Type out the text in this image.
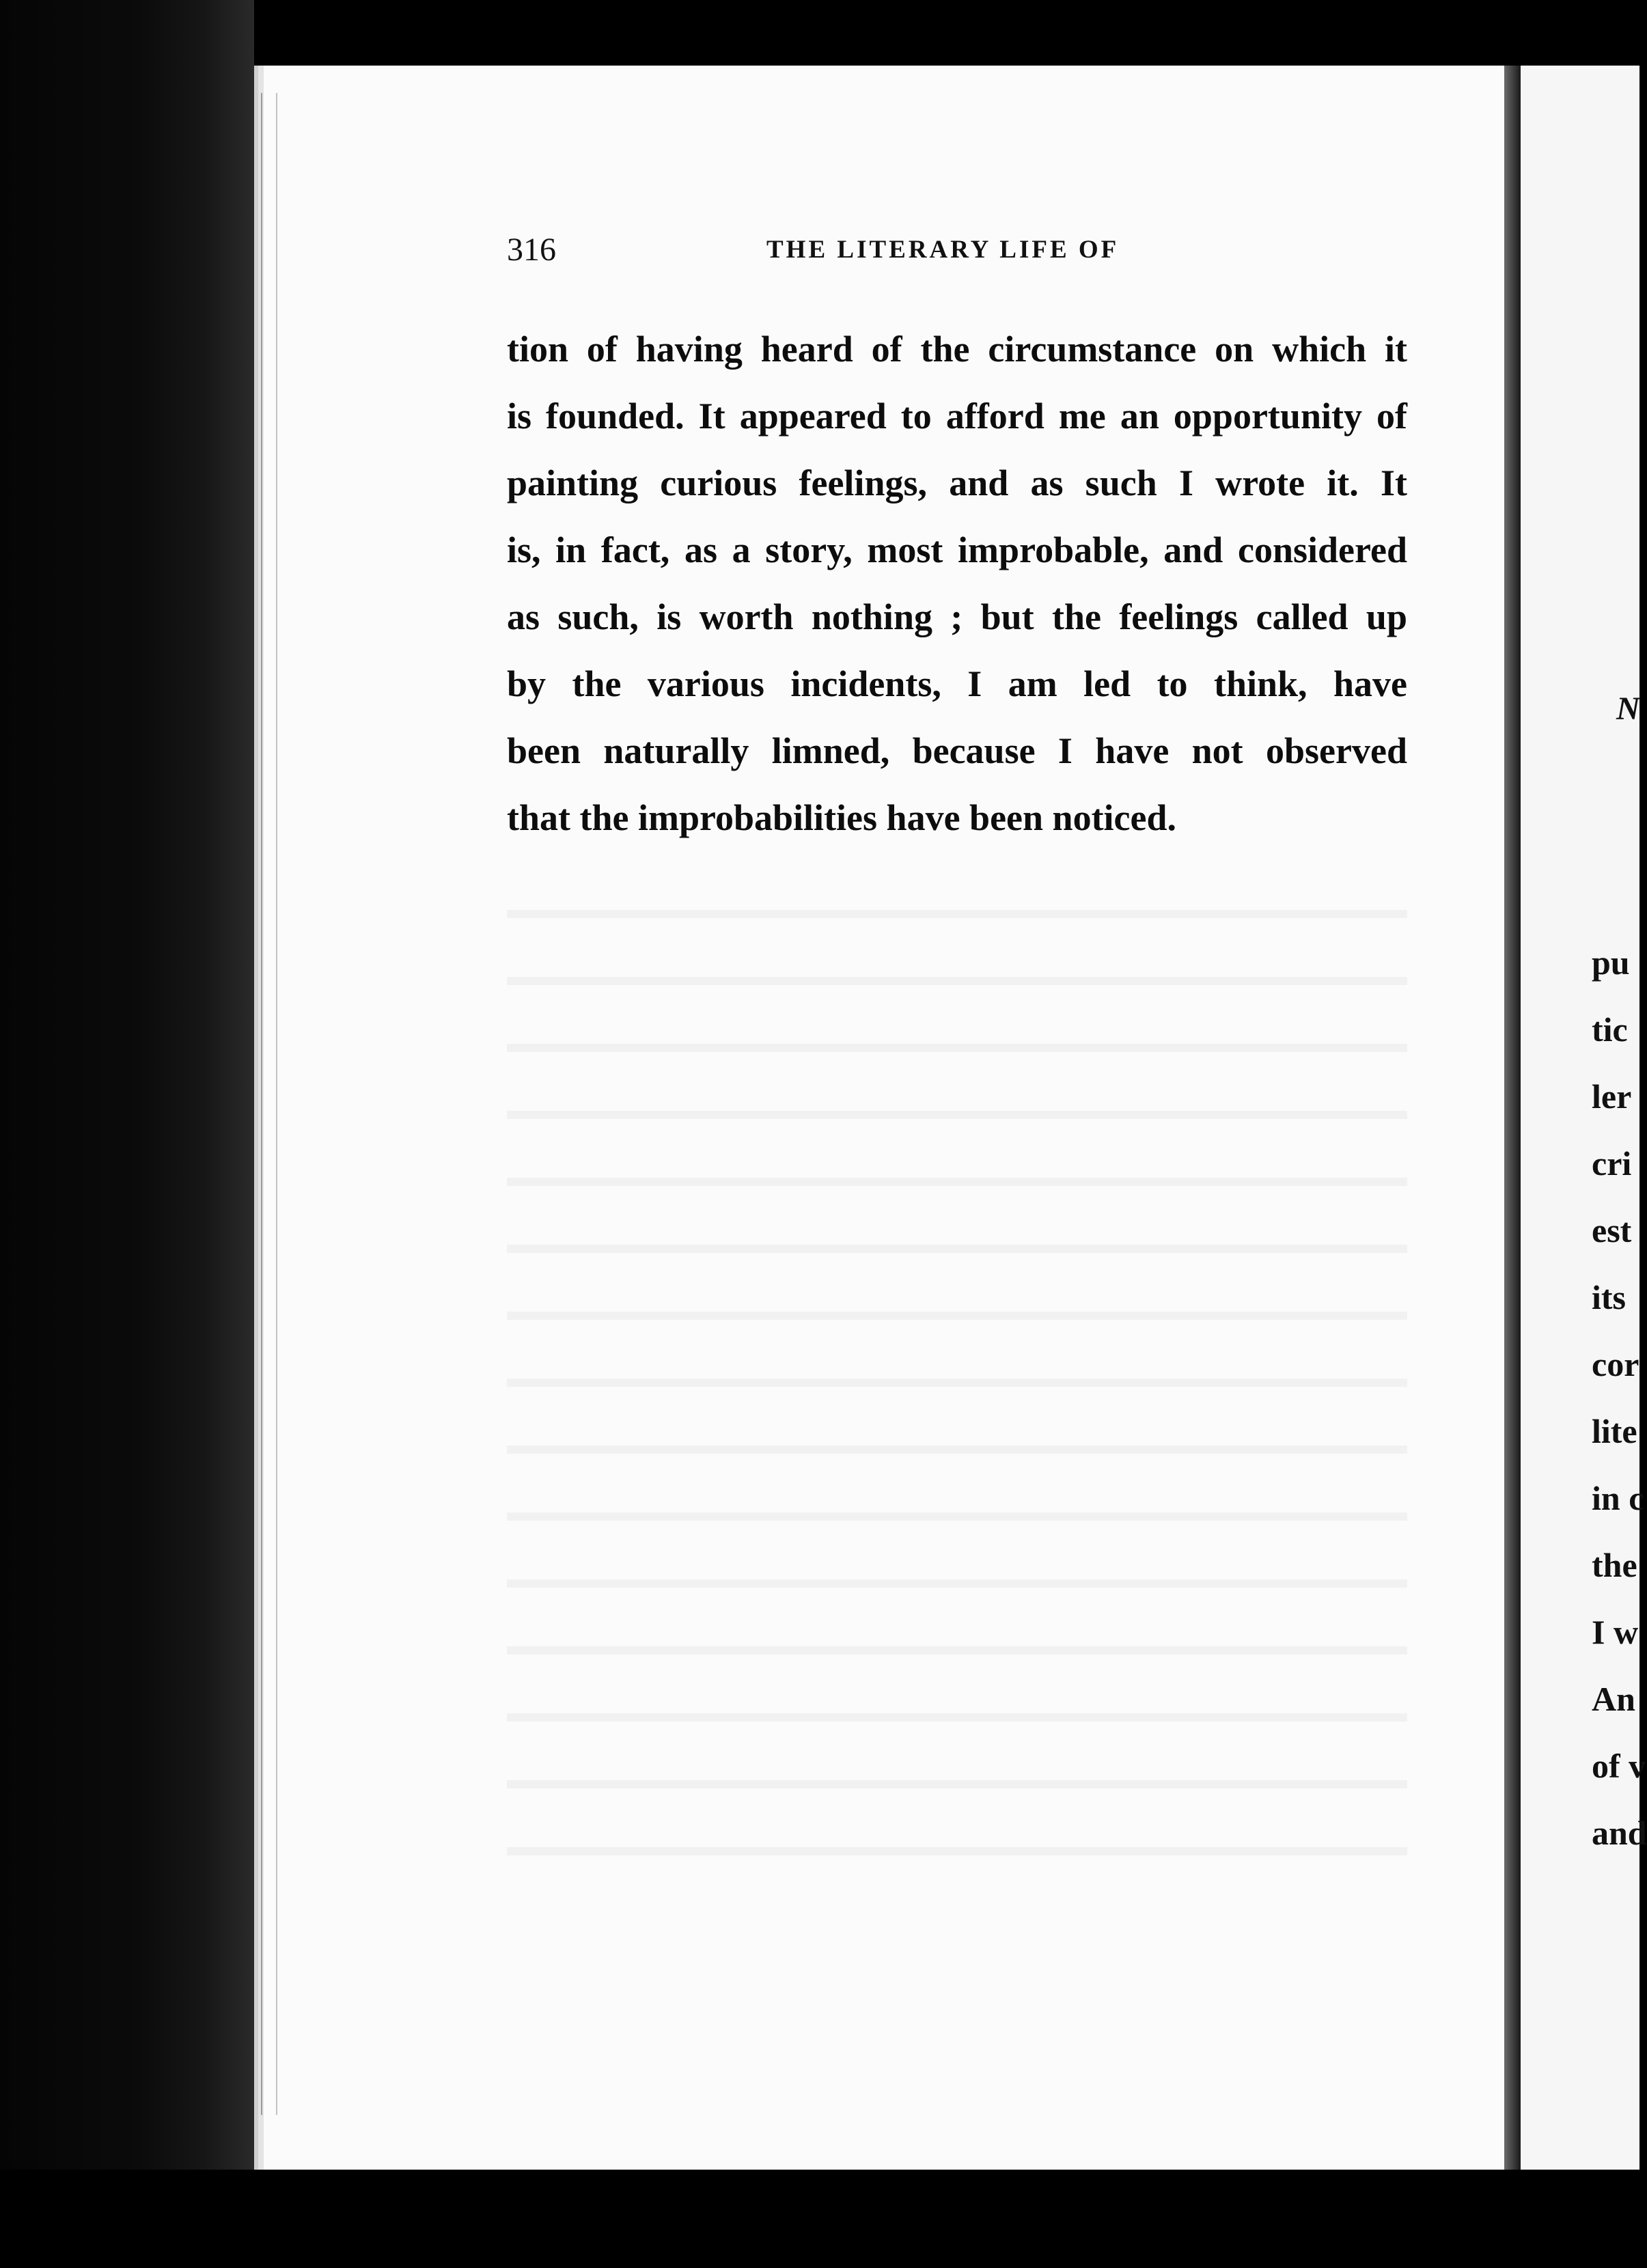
316	THE LITERARY LIFE OF
tion of having heard of the circumstance on which it
is founded. It appeared to afford me an opportunity of
painting curious feelings, and as such I wrote it. It
is, in fact, as a story, most improbable, and considered
as such, is worth nothing ; but the feelings called up
by the various incidents, I am led to think, have
been naturally limned, because I have not observed
that the improbabilities have been noticed.
N
pu
tic
ler
cri
est
its
cor
lite
in c
the
I w
An
of v
and
